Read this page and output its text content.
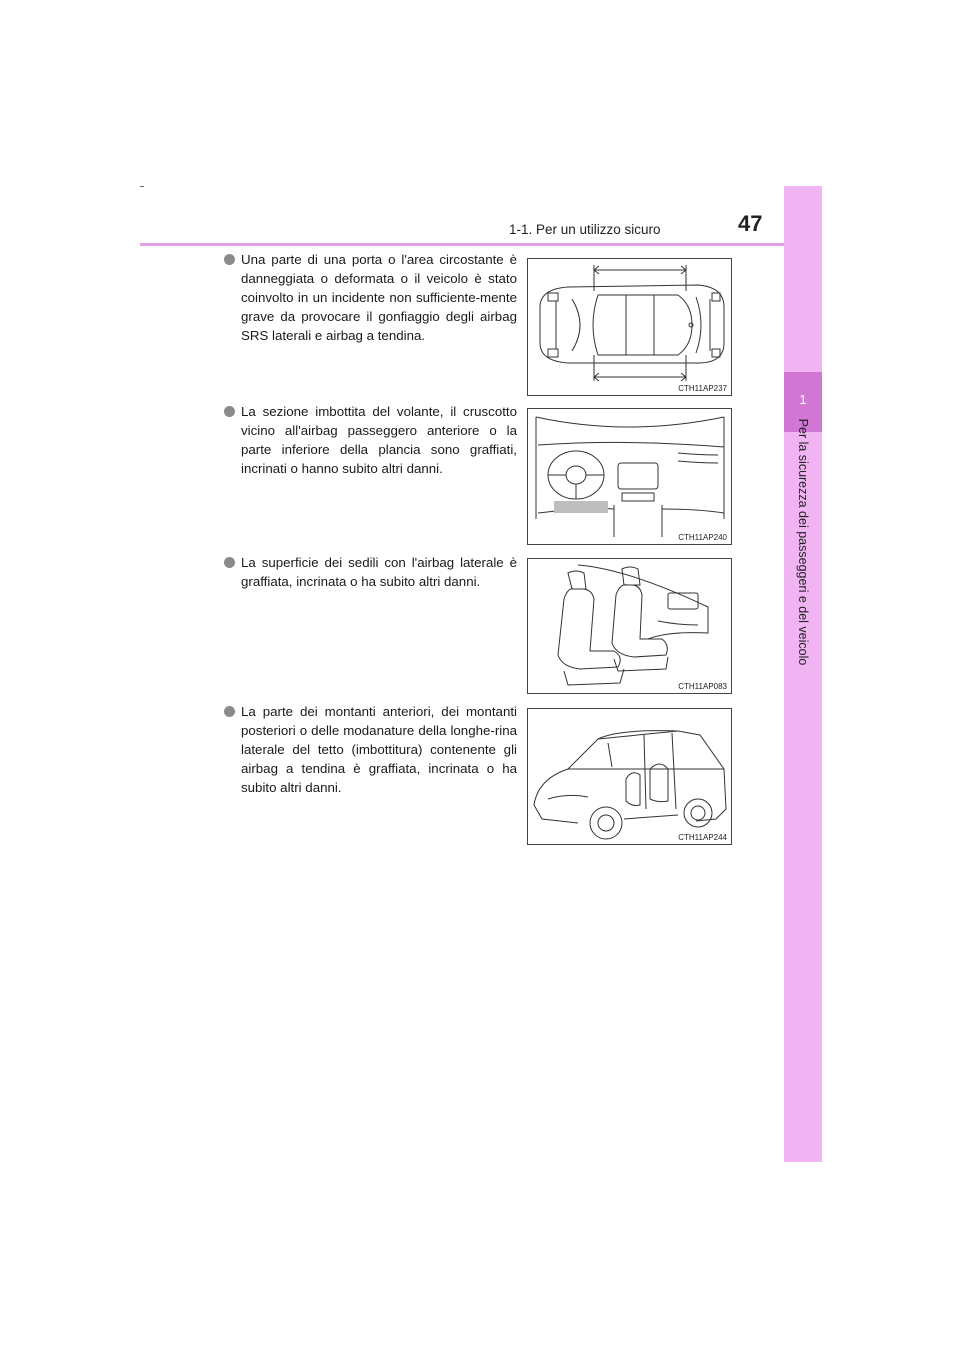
1-1. Per un utilizzo sicuro	47
1
Per la sicurezza dei passeggeri e del veicolo
Una parte di una porta o l'area circostante è danneggiata o deformata o il veicolo è stato coinvolto in un incidente non sufficiente-mente grave da provocare il gonfiaggio degli airbag SRS laterali e airbag a tendina.
CTH11AP237
La sezione imbottita del volante, il cruscotto vicino all'airbag passeggero anteriore o la parte inferiore della plancia sono graffiati, incrinati o hanno subito altri danni.
CTH11AP240
La superficie dei sedili con l'airbag laterale è graffiata, incrinata o ha subito altri danni.
CTH11AP083
La parte dei montanti anteriori, dei montanti posteriori o delle modanature della longhe-rina laterale del tetto (imbottitura) contenente gli airbag a tendina è graffiata, incrinata o ha subito altri danni.
CTH11AP244
